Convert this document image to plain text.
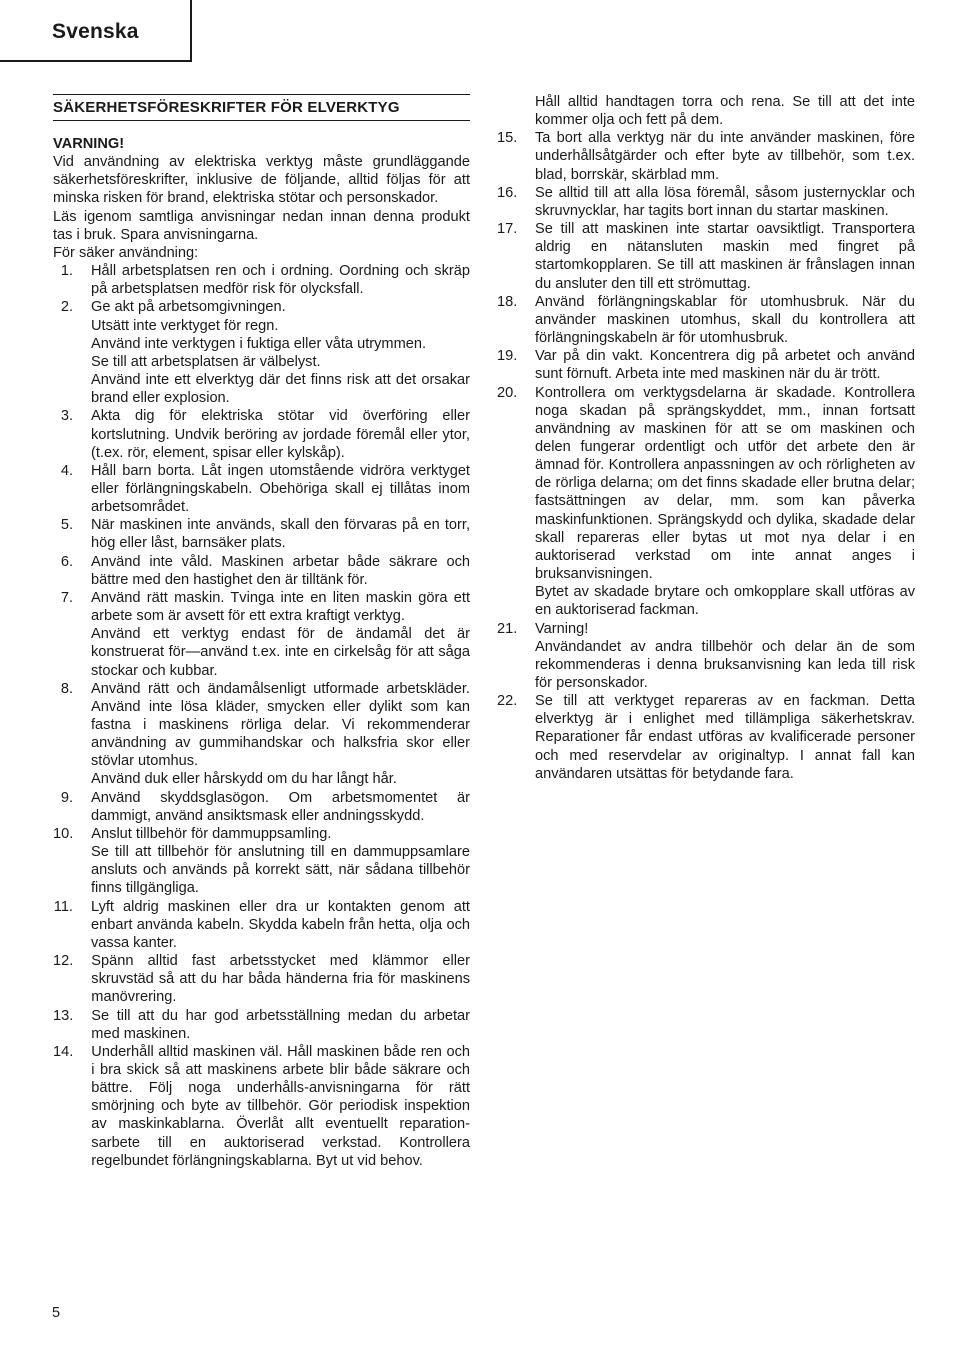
Svenska
SÄKERHETSFÖRESKRIFTER FÖR ELVERKTYG
VARNING!
Vid användning av elektriska verktyg måste grundläggande säkerhetsföreskrifter, inklusive de följande, alltid följas för att minska risken för brand, elektriska stötar och personskador.
Läs igenom samtliga anvisningar nedan innan denna produkt tas i bruk. Spara anvisningarna.
För säker användning:
1. Håll arbetsplatsen ren och i ordning. Oordning och skräp på arbetsplatsen medför risk för olycksfall.
2. Ge akt på arbetsomgivningen.
Utsätt inte verktyget för regn.
Använd inte verktygen i fuktiga eller våta utrymmen.
Se till att arbetsplatsen är välbelyst.
Använd inte ett elverktyg där det finns risk att det orsakar brand eller explosion.
3. Akta dig för elektriska stötar vid överföring eller kortslutning. Undvik beröring av jordade föremål eller ytor, (t.ex. rör, element, spisar eller kylskåp).
4. Håll barn borta. Låt ingen utomstående vidröra verktyget eller förlängningskabeln. Obehöriga skall ej tillåtas inom arbetsområdet.
5. När maskinen inte används, skall den förvaras på en torr, hög eller låst, barnsäker plats.
6. Använd inte våld. Maskinen arbetar både säkrare och bättre med den hastighet den är tilltänk för.
7. Använd rätt maskin. Tvinga inte en liten maskin göra ett arbete som är avsett för ett extra kraftigt verktyg.
Använd ett verktyg endast för de ändamål det är konstruerat för—använd t.ex. inte en cirkelsåg för att såga stockar och kubbar.
8. Använd rätt och ändamålsenligt utformade arbetskläder. Använd inte lösa kläder, smycken eller dylikt som kan fastna i maskinens rörliga delar. Vi rekommenderar användning av gummihandskar och halksfria skor eller stövlar utomhus.
Använd duk eller hårskydd om du har långt hår.
9. Använd skyddsglasögon. Om arbetsmomentet är dammigt, använd ansiktsmask eller andningsskydd.
10. Anslut tillbehör för dammuppsamling.
Se till att tillbehör för anslutning till en dammuppsamlare ansluts och används på korrekt sätt, när sådana tillbehör finns tillgängliga.
11. Lyft aldrig maskinen eller dra ur kontakten genom att enbart använda kabeln. Skydda kabeln från hetta, olja och vassa kanter.
12. Spänn alltid fast arbetsstycket med klämmor eller skruvstäd så att du har båda händerna fria för maskinens manövrering.
13. Se till att du har god arbetsställning medan du arbetar med maskinen.
14. Underhåll alltid maskinen väl. Håll maskinen både ren och i bra skick så att maskinens arbete blir både säkrare och bättre. Följ noga underhålls-anvisningarna för rätt smörjning och byte av tillbehör. Gör periodisk inspektion av maskinkablarna. Överlåt allt eventuellt reparation-sarbete till en auktoriserad verkstad. Kontrollera regelbundet förlängningskablarna. Byt ut vid behov.
Håll alltid handtagen torra och rena. Se till att det inte kommer olja och fett på dem.
15.	Ta bort alla verktyg när du inte använder maskinen, före underhållsåtgärder och efter byte av tillbehör, som t.ex. blad, borrskär, skärblad mm.
16.	Se alltid till att alla lösa föremål, såsom justernycklar och skruvnycklar, har tagits bort innan du startar maskinen.
17.	Se till att maskinen inte startar oavsiktligt. Transportera aldrig en nätansluten maskin med fingret på startomkopplaren. Se till att maskinen är frånslagen innan du ansluter den till ett strömuttag.
18.	Använd förlängningskablar för utomhusbruk. När du använder maskinen utomhus, skall du kontrollera att förlängningskabeln är för utomhusbruk.
19.	Var på din vakt. Koncentrera dig på arbetet och använd sunt förnuft. Arbeta inte med maskinen när du är trött.
20.	Kontrollera om verktygsdelarna är skadade. Kontrollera noga skadan på sprängskyddet, mm., innan fortsatt användning av maskinen för att se om maskinen och delen fungerar ordentligt och utför det arbete den är ämnad för. Kontrollera anpassningen av och rörligheten av de rörliga delarna; om det finns skadade eller brutna delar; fastsättningen av delar, mm. som kan påverka maskinfunktionen. Sprängskydd och dylika, skadade delar skall repareras eller bytas ut mot nya delar i en auktoriserad verkstad om inte annat anges i bruksanvisningen.
Bytet av skadade brytare och omkopplare skall utföras av en auktoriserad fackman.
21.	Varning!
Användandet av andra tillbehör och delar än de som rekommenderas i denna bruksanvisning kan leda till risk för personskador.
22.	Se till att verktyget repareras av en fackman. Detta elverktyg är i enlighet med tillämpliga säkerhetskrav. Reparationer får endast utföras av kvalificerade personer och med reservdelar av originaltyp. I annat fall kan användaren utsättas för betydande fara.
5
